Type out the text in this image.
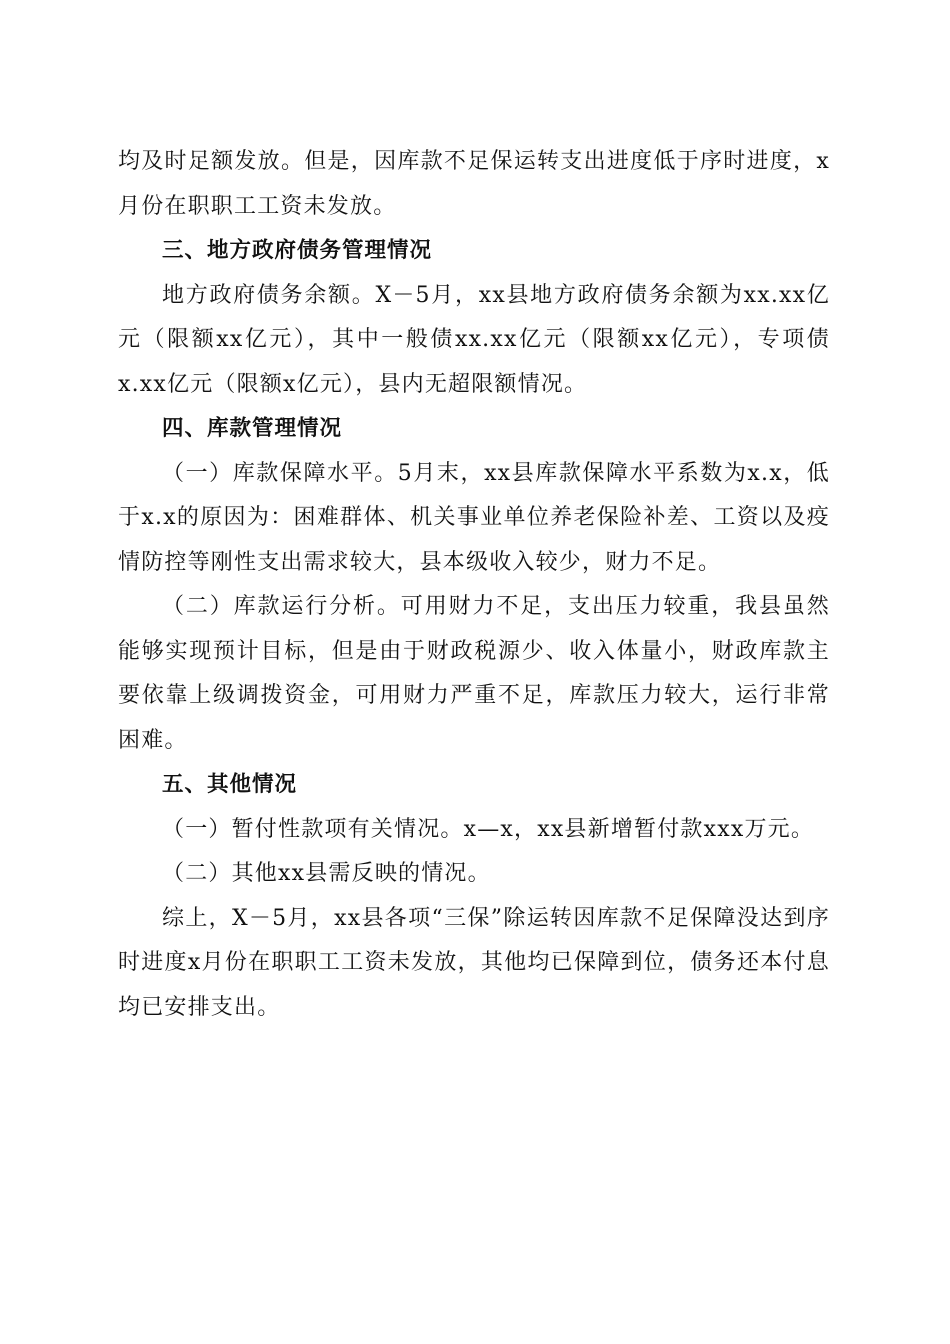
均及时足额发放。但是，因库款不足保运转支出进度低于序时进度，x月份在职职工工资未发放。

三、地方政府债务管理情况

地方政府债务余额。X－5月，xx县地方政府债务余额为xx.xx亿元（限额xx亿元），其中一般债xx.xx亿元（限额xx亿元），专项债x.xx亿元（限额x亿元），县内无超限额情况。

四、库款管理情况

（一）库款保障水平。5月末，xx县库款保障水平系数为x.x，低于x.x的原因为：困难群体、机关事业单位养老保险补差、工资以及疫情防控等刚性支出需求较大，县本级收入较少，财力不足。

（二）库款运行分析。可用财力不足，支出压力较重，我县虽然能够实现预计目标，但是由于财政税源少、收入体量小，财政库款主要依靠上级调拨资金，可用财力严重不足，库款压力较大，运行非常困难。

五、其他情况

（一）暂付性款项有关情况。x—x，xx县新增暂付款xxx万元。

（二）其他xx县需反映的情况。

综上，X－5月，xx县各项“三保”除运转因库款不足保障没达到序时进度x月份在职职工工资未发放，其他均已保障到位，债务还本付息均已安排支出。
